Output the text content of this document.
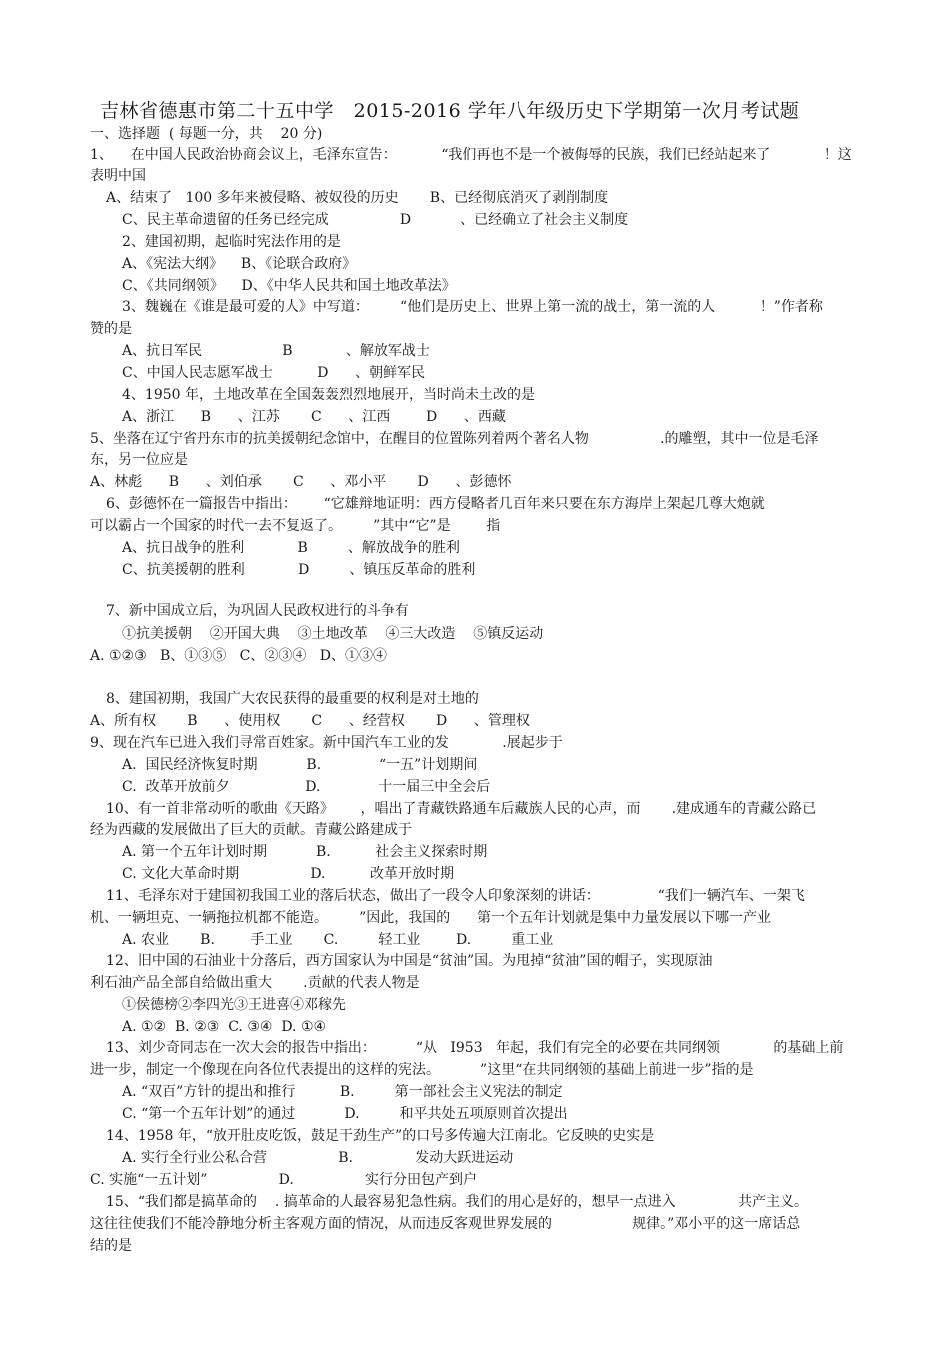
吉林省德惠市第二十五中学   2015-2016 学年八年级历史下学期第一次月考试题
一、选择题  ( 每题一分，共    20 分)
1、    在中国人民政治协商会议上，毛泽东宣告：          “我们再也不是一个被侮辱的民族，我们已经站起来了            ！这
表明中国
A、结束了   100 多年来被侵略、被奴役的历史       B、已经彻底消灭了剥削制度
C、民主革命遗留的任务已经完成                D           、已经确立了社会主义制度
2、建国初期，起临时宪法作用的是
A、《宪法大纲》    B、《论联合政府》
C、《共同纲领》    D、《中华人民共和国土地改革法》
3、魏巍在《谁是最可爱的人》中写道：       “他们是历史上、世界上第一流的战士，第一流的人          ！”作者称
赞的是
A、抗日军民                  B            、解放军战士
C、中国人民志愿军战士          D      、朝鲜军民
4、1950 年，土地改革在全国轰轰烈烈地展开，当时尚未土改的是
A、浙江      B      、江苏       C      、江西        D      、西藏
5、坐落在辽宁省丹东市的抗美援朝纪念馆中，在醒目的位置陈列着两个著名人物                .的雕塑，其中一位是毛泽
东，另一位应是
A、林彪      B      、刘伯承       C      、邓小平       D      、彭德怀
6、彭德怀在一篇报告中指出：      “它雄辩地证明：西方侵略者几百年来只要在东方海岸上架起几尊大炮就
可以霸占一个国家的时代一去不复返了。       ”其中“它”是        指
A、抗日战争的胜利            B         、解放战争的胜利
C、抗美援朝的胜利            D         、镇压反革命的胜利
7、新中国成立后，为巩固人民政权进行的斗争有
①抗美援朝    ②开国大典    ③土地改革    ④三大改造    ⑤镇反运动
A. ①②③   B、①③⑤   C、②③④   D、①③④
8、建国初期，我国广大农民获得的最重要的权利是对土地的
A、所有权       B      、使用权       C      、经营权       D      、管理权
9、现在汽车已进入我们寻常百姓家。新中国汽车工业的发            .展起步于
A.  国民经济恢复时期           B.             “一五”计划期间
C.  改革开放前夕                 D.             十一届三中全会后
10、有一首非常动听的歌曲《天路》      ，唱出了青藏铁路通车后藏族人民的心声，而       .建成通车的青藏公路已
经为西藏的发展做出了巨大的贡献。青藏公路建成于
A. 第一个五年计划时期           B.          社会主义探索时期
C. 文化大革命时期                D.          改革开放时期
11、毛泽东对于建国初我国工业的落后状态，做出了一段令人印象深刻的讲话：             “我们一辆汽车、一架飞
机、一辆坦克、一辆拖拉机都不能造。       ”因此，我国的      第一个五年计划就是集中力量发展以下哪一产业
A. 农业       B.        手工业       C.         轻工业        D.         重工业
12、旧中国的石油业十分落后，西方国家认为中国是“贫油”国。为甩掉“贫油”国的帽子，实现原油
利石油产品全部自给做出重大       .贡献的代表人物是
①侯德榜②李四光③王进喜④邓稼先
A. ①②  B. ②③  C. ③④  D. ①④
13、刘少奇同志在一次大会的报告中指出：         “从   I953   年起，我们有完全的必要在共同纲领            的基础上前
进一步，制定一个像现在向各位代表提出的这样的宪法。         ”这里“在共同纲领的基础上前进一步”指的是
A. “双百”方针的提出和推行          B.         第一部社会主义宪法的制定
C. “第一个五年计划”的通过           D.         和平共处五项原则首次提出
14、1958 年，“放开肚皮吃饭，鼓足干劲生产”的口号多传遍大江南北。它反映的史实是
A. 实行全行业公私合营                B.              发动大跃进运动
C. 实施“一五计划”                D.                实行分田包产到户
15、“我们都是搞革命的    . 搞革命的人最容易犯急性病。我们的用心是好的，想早一点进入              共产主义。
这往往使我们不能冷静地分析主客观方面的情况，从而违反客观世界发展的                  规律。”邓小平的这一席话总
结的是
